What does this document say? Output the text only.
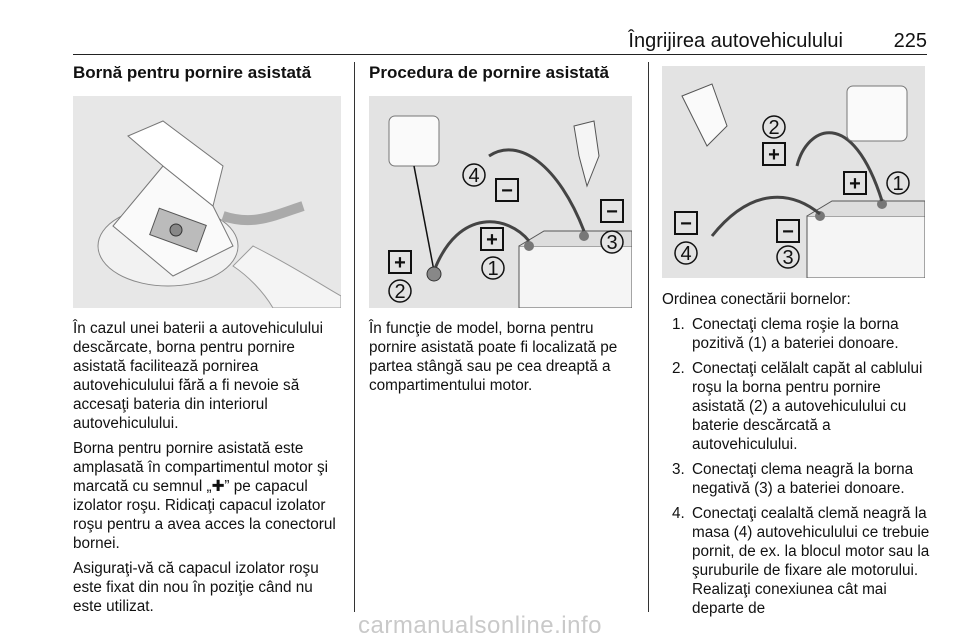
Îngrijirea autovehiculului	225
Bornă pentru pornire asistată

În cazul unei baterii a autovehiculului descărcate, borna pentru pornire asistată facilitează pornirea autovehiculului fără a fi nevoie să accesaţi bateria din interiorul autovehiculului.

Borna pentru pornire asistată este amplasată în compartimentul motor şi marcată cu semnul „✚” pe capacul izolator roşu. Ridicaţi capacul izolator roşu pentru a avea acces la conectorul bornei.

Asiguraţi-vă că capacul izolator roşu este fixat din nou în poziţie când nu este utilizat.

Procedura de pornire asistată
+
1
+
2
−
3
4
−

În funcţie de model, borna pentru pornire asistată poate fi localizată pe partea stângă sau pe cea dreaptă a compartimentului motor.

2
+
+ 1
−
4
−
3

Ordinea conectării bornelor:

1. Conectaţi clema roşie la borna pozitivă (1) a bateriei donoare.
2. Conectaţi celălalt capăt al cablului roşu la borna pentru pornire asistată (2) a autovehiculului cu baterie descărcată a autovehiculului.
3. Conectaţi clema neagră la borna negativă (3) a bateriei donoare.
4. Conectaţi cealaltă clemă neagră la masa (4) autovehiculului ce trebuie pornit, de ex. la blocul motor sau la şuruburile de fixare ale motorului. Realizaţi conexiunea cât mai departe de
carmanualsonline.info
